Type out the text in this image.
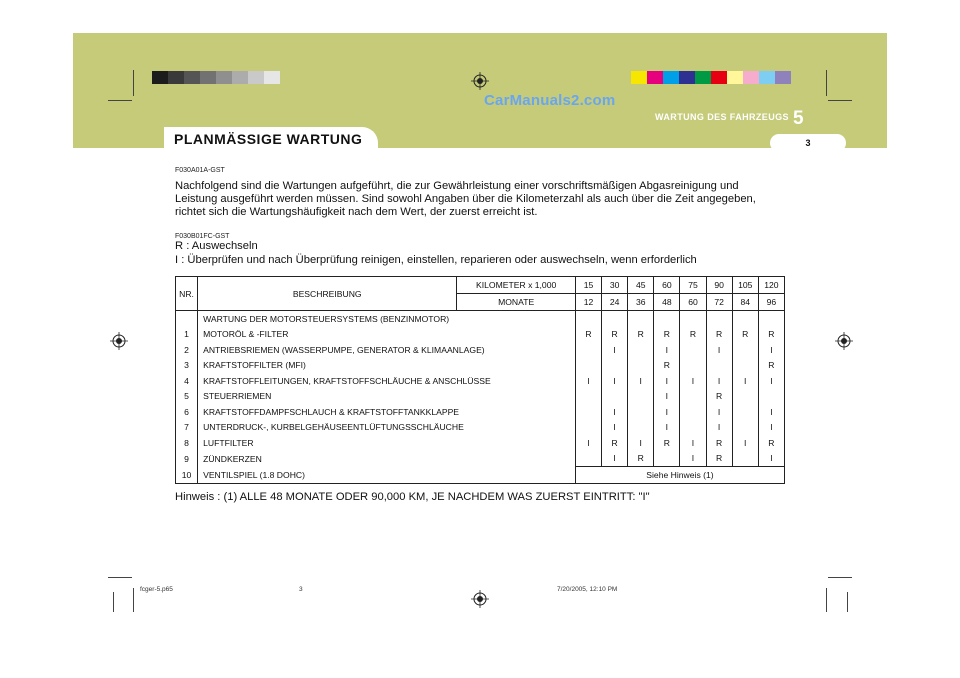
CarManuals2.com
WARTUNG DES FAHRZEUGS 5
PLANMÄSSIGE WARTUNG	3
F030A01A-GST
Nachfolgend sind die Wartungen aufgeführt, die zur Gewährleistung einer vorschriftsmäßigen Abgasreinigung und Leistung ausgeführt werden müssen. Sind sowohl Angaben über die Kilometerzahl als auch über die Zeit angegeben, richtet sich die Wartungshäufigkeit nach dem Wert, der zuerst erreicht ist.
F030B01FC-GST
R : Auswechseln
I : Überprüfen und nach Überprüfung reinigen, einstellen, reparieren oder auswechseln, wenn erforderlich
NR.	BESCHREIBUNG	KILOMETER x 1,000	15	30	45	60	75	90	105	120
		MONATE	12	24	36	48	60	72	84	96
	WARTUNG DER MOTORSTEUERSYSTEMS (BENZINMOTOR)									
1	MOTORÖL & -FILTER		R	R	R	R	R	R	R	R
2	ANTRIEBSRIEMEN (WASSERPUMPE, GENERATOR & KLIMAANLAGE)			I		I		I		I
3	KRAFTSTOFFILTER (MFI)					R				R
4	KRAFTSTOFFLEITUNGEN, KRAFTSTOFFSCHLÄUCHE & ANSCHLÜSSE		I	I	I	I	I	I	I	I
5	STEUERRIEMEN					I		R		
6	KRAFTSTOFFDAMPFSCHLAUCH & KRAFTSTOFFTANKKLAPPE			I		I		I		I
7	UNTERDRUCK-, KURBELGEHÄUSEENTLÜFTUNGSSCHLÄUCHE			I		I		I		I
8	LUFTFILTER		I	R	I	R	I	R	I	R
9	ZÜNDKERZEN			I	R		I	R		I
10	VENTILSPIEL (1.8 DOHC)		Siehe Hinweis (1)							
Hinweis : (1) ALLE 48 MONATE ODER 90,000 KM, JE NACHDEM WAS ZUERST EINTRITT: "I"
fcger-5.p65	3	7/20/2005, 12:10 PM
